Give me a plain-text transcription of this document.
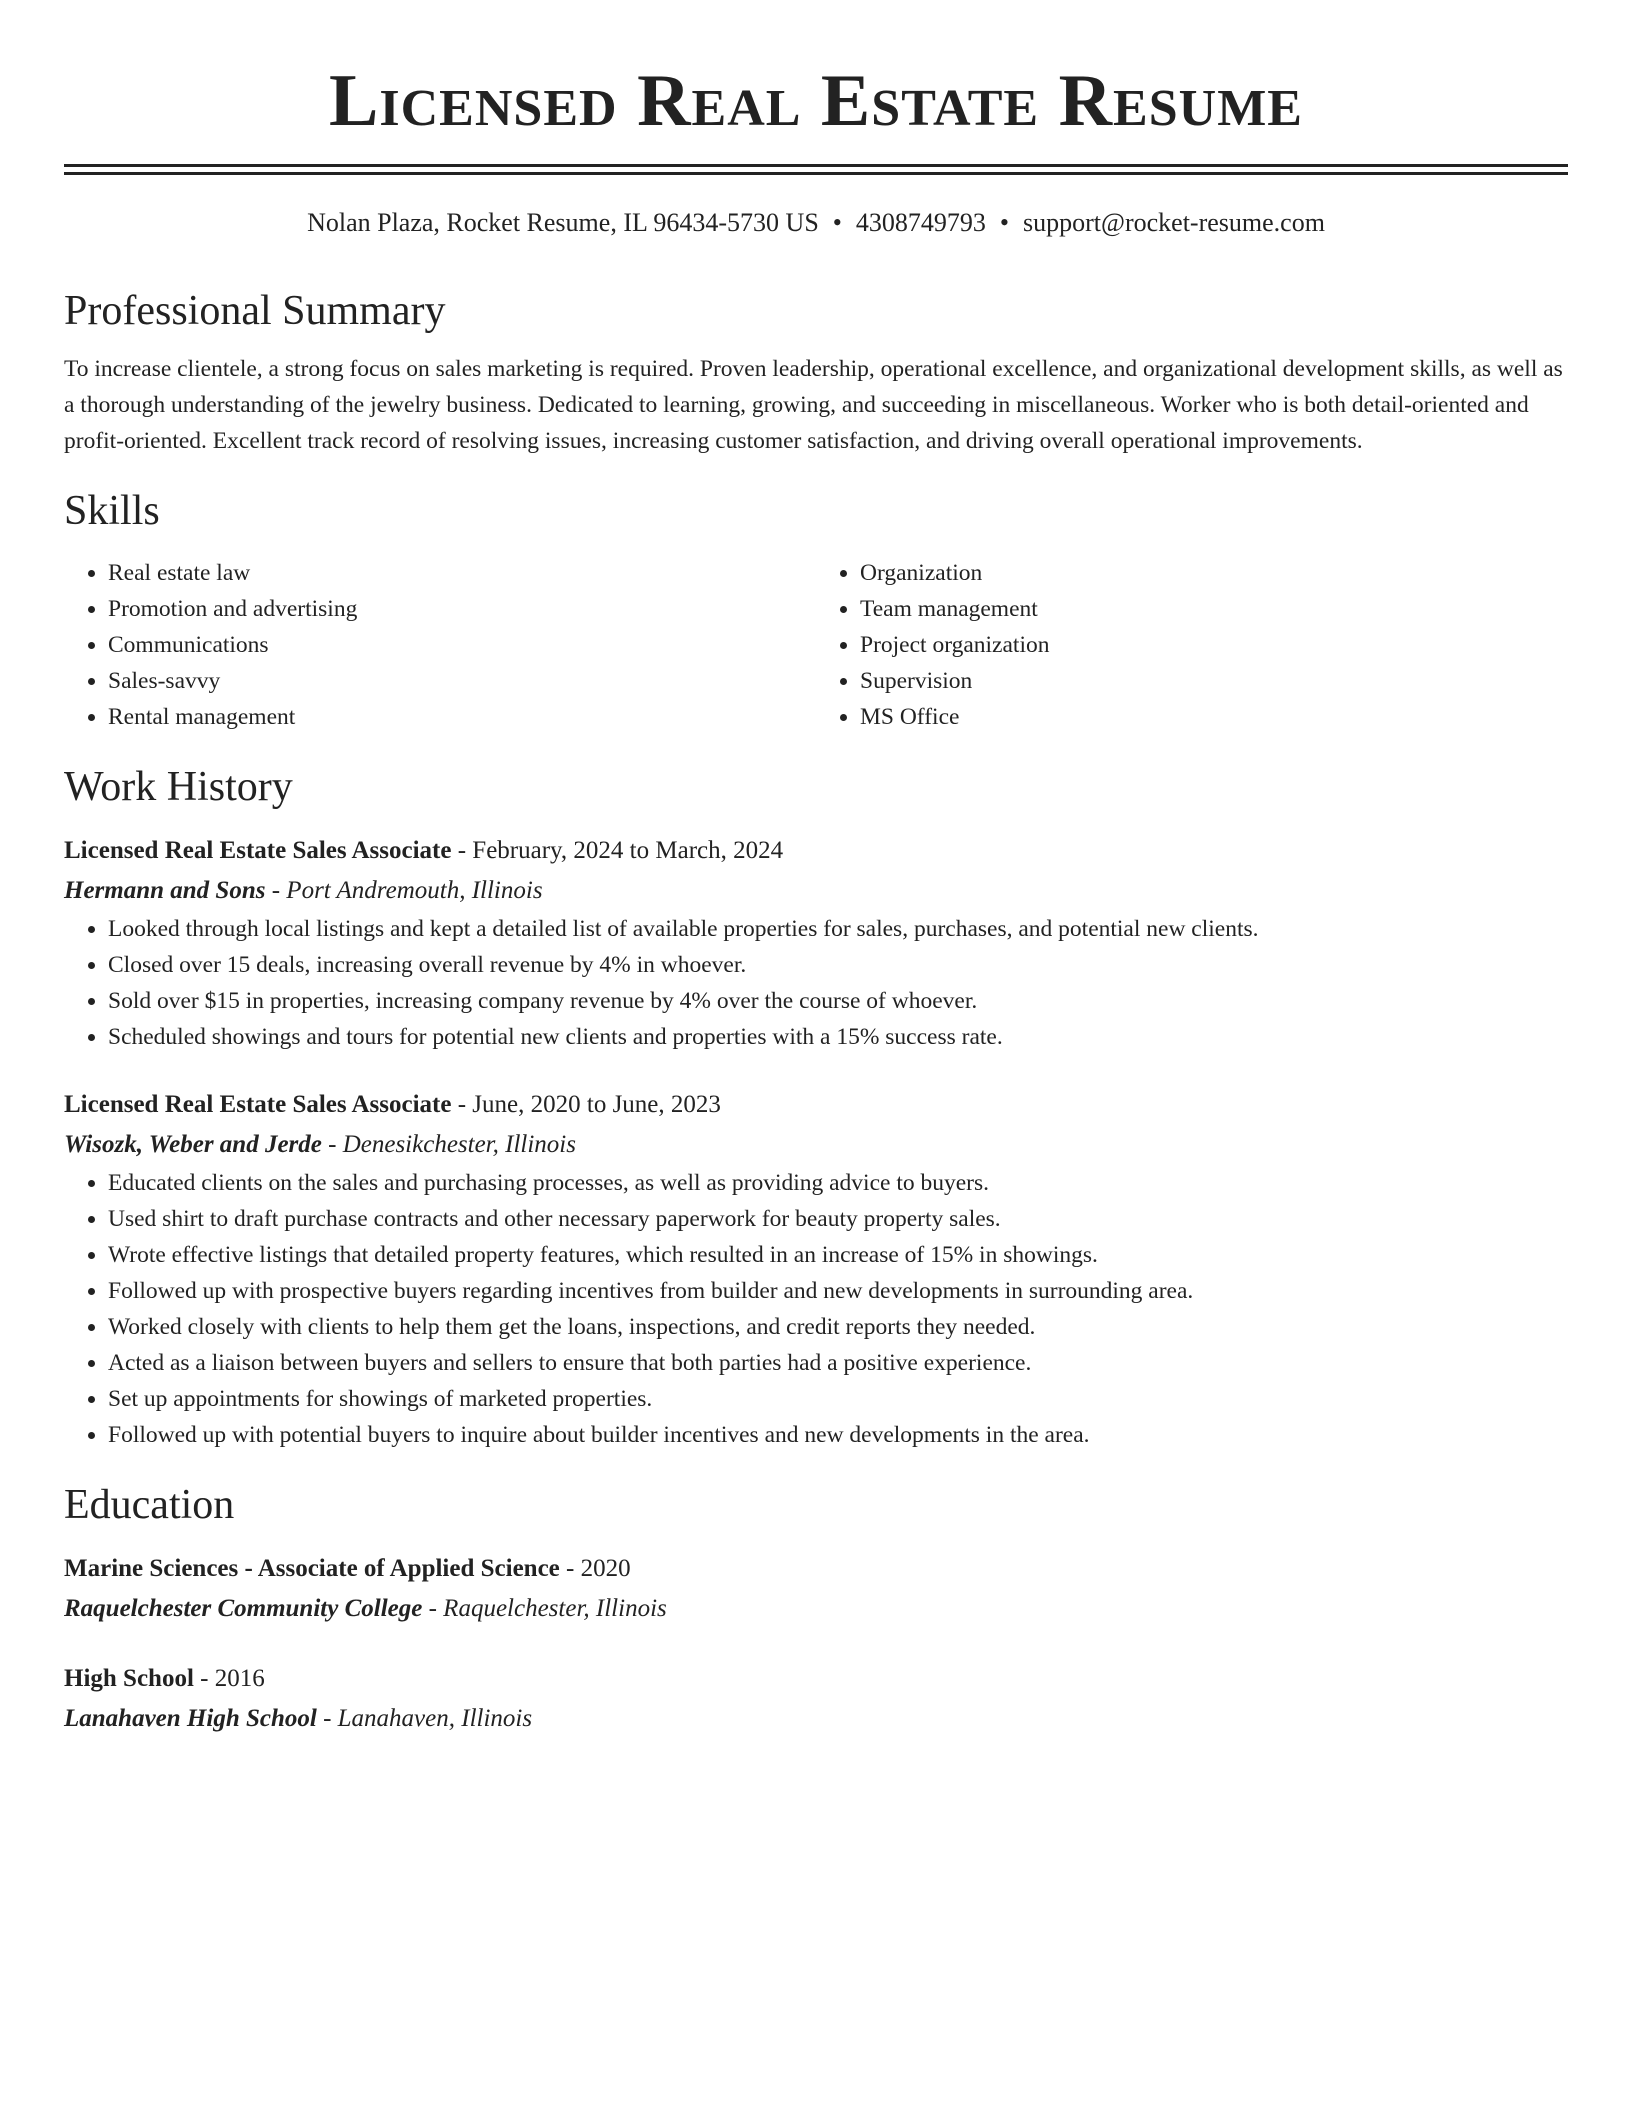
Licensed Real Estate Resume
Nolan Plaza, Rocket Resume, IL 96434-5730 US • 4308749793 • support@rocket-resume.com
Professional Summary
To increase clientele, a strong focus on sales marketing is required. Proven leadership, operational excellence, and organizational development skills, as well as a thorough understanding of the jewelry business. Dedicated to learning, growing, and succeeding in miscellaneous. Worker who is both detail-oriented and profit-oriented. Excellent track record of resolving issues, increasing customer satisfaction, and driving overall operational improvements.
Skills
• Real estate law
• Promotion and advertising
• Communications
• Sales-savvy
• Rental management
• Organization
• Team management
• Project organization
• Supervision
• MS Office
Work History
Licensed Real Estate Sales Associate - February, 2024 to March, 2024
Hermann and Sons - Port Andremouth, Illinois
• Looked through local listings and kept a detailed list of available properties for sales, purchases, and potential new clients.
• Closed over 15 deals, increasing overall revenue by 4% in whoever.
• Sold over $15 in properties, increasing company revenue by 4% over the course of whoever.
• Scheduled showings and tours for potential new clients and properties with a 15% success rate.
Licensed Real Estate Sales Associate - June, 2020 to June, 2023
Wisozk, Weber and Jerde - Denesikchester, Illinois
• Educated clients on the sales and purchasing processes, as well as providing advice to buyers.
• Used shirt to draft purchase contracts and other necessary paperwork for beauty property sales.
• Wrote effective listings that detailed property features, which resulted in an increase of 15% in showings.
• Followed up with prospective buyers regarding incentives from builder and new developments in surrounding area.
• Worked closely with clients to help them get the loans, inspections, and credit reports they needed.
• Acted as a liaison between buyers and sellers to ensure that both parties had a positive experience.
• Set up appointments for showings of marketed properties.
• Followed up with potential buyers to inquire about builder incentives and new developments in the area.
Education
Marine Sciences - Associate of Applied Science - 2020
Raquelchester Community College - Raquelchester, Illinois
High School - 2016
Lanahaven High School - Lanahaven, Illinois
